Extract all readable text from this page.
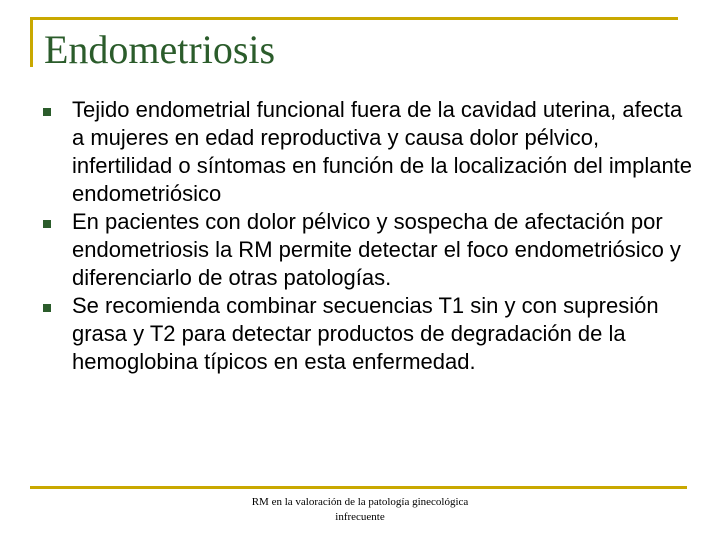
Endometriosis
Tejido endometrial funcional fuera de la cavidad uterina, afecta a mujeres en edad reproductiva y causa dolor pélvico, infertilidad o síntomas en función de la localización del implante endometriósico
En pacientes con dolor pélvico y sospecha de afectación por endometriosis la RM permite detectar el foco endometriósico y diferenciarlo de otras patologías.
Se recomienda combinar secuencias T1 sin y con supresión grasa y T2 para detectar productos de degradación de la hemoglobina típicos en esta enfermedad.
RM en la valoración de la patología ginecológica
infrecuente
